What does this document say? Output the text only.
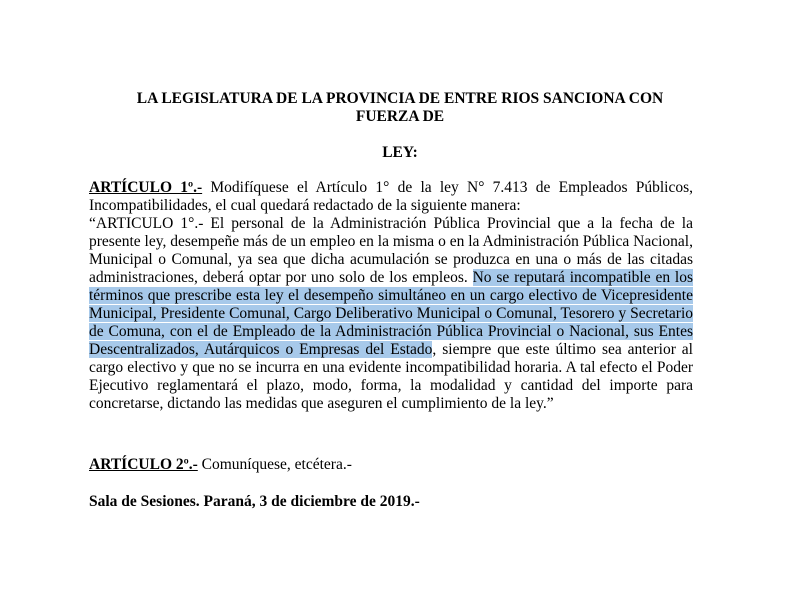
LA LEGISLATURA DE LA PROVINCIA DE ENTRE RIOS SANCIONA CON
FUERZA DE
LEY:

ARTÍCULO 1º.- Modifíquese el Artículo 1° de la ley N° 7.413 de Empleados Públicos, Incompatibilidades, el cual quedará redactado de la siguiente manera:

“ARTICULO 1°.- El personal de la Administración Pública Provincial que a la fecha de la presente ley, desempeñe más de un empleo en la misma o en la Administración Pública Nacional, Municipal o Comunal, ya sea que dicha acumulación se produzca en una o más de las citadas administraciones, deberá optar por uno solo de los empleos. No se reputará incompatible en los términos que prescribe esta ley el desempeño simultáneo en un cargo electivo de Vicepresidente Municipal, Presidente Comunal, Cargo Deliberativo Municipal o Comunal, Tesorero y Secretario de Comuna, con el de Empleado de la Administración Pública Provincial o Nacional, sus Entes Descentralizados, Autárquicos o Empresas del Estado, siempre que este último sea anterior al cargo electivo y que no se incurra en una evidente incompatibilidad horaria. A tal efecto el Poder Ejecutivo reglamentará el plazo, modo, forma, la modalidad y cantidad del importe para concretarse, dictando las medidas que aseguren el cumplimiento de la ley.”

ARTÍCULO 2º.- Comuníquese, etcétera.-
Sala de Sesiones. Paraná, 3 de diciembre de 2019.-
